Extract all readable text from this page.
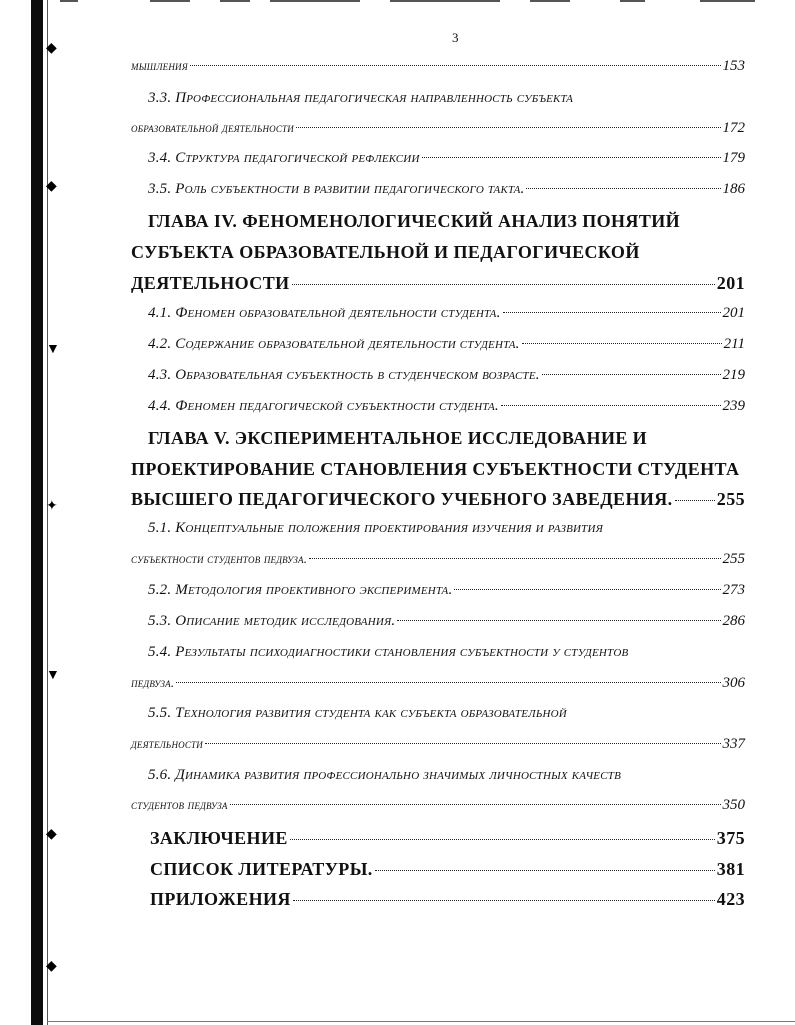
◆
◆
▼
✦
▼
◆
◆
3
мышления	153
3.3. Профессиональная педагогическая направленность субъекта
образовательной деятельности	172
3.4. Структура педагогической рефлексии	179
3.5. Роль субъектности в развитии педагогического такта.	186
ГЛАВА IV. ФЕНОМЕНОЛОГИЧЕСКИЙ АНАЛИЗ ПОНЯТИЙ
СУБЪЕКТА ОБРАЗОВАТЕЛЬНОЙ И ПЕДАГОГИЧЕСКОЙ
ДЕЯТЕЛЬНОСТИ	201
4.1. Феномен образовательной деятельности студента.	201
4.2. Содержание образовательной деятельности студента.	211
4.3. Образовательная субъектность в студенческом возрасте.	219
4.4. Феномен педагогической субъектности студента.	239
ГЛАВА V. ЭКСПЕРИМЕНТАЛЬНОЕ ИССЛЕДОВАНИЕ И
ПРОЕКТИРОВАНИЕ СТАНОВЛЕНИЯ СУБЪЕКТНОСТИ СТУДЕНТА
ВЫСШЕГО ПЕДАГОГИЧЕСКОГО УЧЕБНОГО ЗАВЕДЕНИЯ. 255
5.1. Концептуальные положения проектирования изучения и развития
субъектности студентов педвуза.	255
5.2. Методология проективного эксперимента.	273
5.3. Описание методик исследования.	286
5.4. Результаты психодиагностики становления субъектности у студентов
педвуза.	306
5.5. Технология развития студента как субъекта образовательной
деятельности	337
5.6. Динамика развития профессионально значимых личностных качеств
студентов педвуза	350
ЗАКЛЮЧЕНИЕ	375
СПИСОК ЛИТЕРАТУРЫ.	381
ПРИЛОЖЕНИЯ	423
